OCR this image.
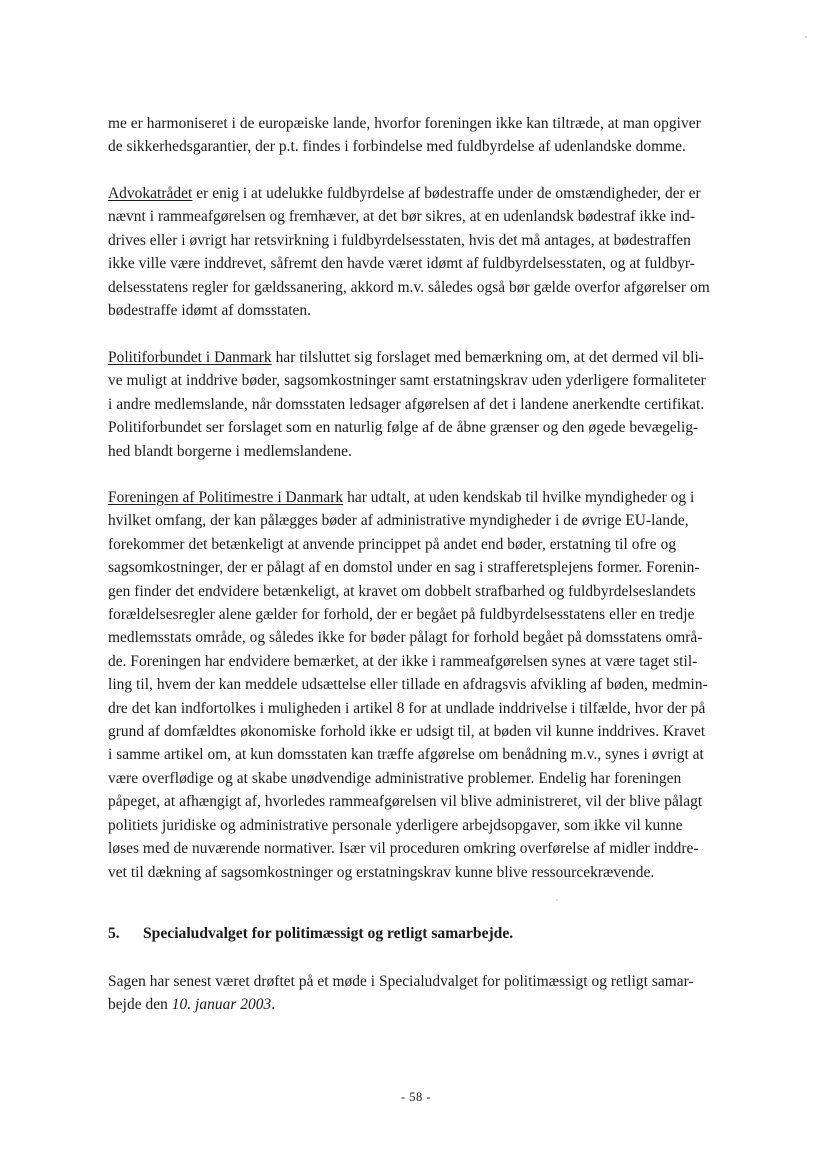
me er harmoniseret i de europæiske lande, hvorfor foreningen ikke kan tiltræde, at man opgiver
de sikkerhedsgarantier, der p.t. findes i forbindelse med fuldbyrdelse af udenlandske domme.
Advokatrådet er enig i at udelukke fuldbyrdelse af bødestraffe under de omstændigheder, der er
nævnt i rammeafgørelsen og fremhæver, at det bør sikres, at en udenlandsk bødestraf ikke ind-
drives eller i øvrigt har retsvirkning i fuldbyrdelsesstaten, hvis det må antages, at bødestraffen
ikke ville være inddrevet, såfremt den havde været idømt af fuldbyrdelsesstaten, og at fuldbyr-
delsesstatens regler for gældssanering, akkord m.v. således også bør gælde overfor afgørelser om
bødestraffe idømt af domsstaten.
Politiforbundet i Danmark har tilsluttet sig forslaget med bemærkning om, at det dermed vil bli-
ve muligt at inddrive bøder, sagsomkostninger samt erstatningskrav uden yderligere formaliteter
i andre medlemslande, når domsstaten ledsager afgørelsen af det i landene anerkendte certifikat.
Politiforbundet ser forslaget som en naturlig følge af de åbne grænser og den øgede bevægelig-
hed blandt borgerne i medlemslandene.
Foreningen af Politimestre i Danmark har udtalt, at uden kendskab til hvilke myndigheder og i
hvilket omfang, der kan pålægges bøder af administrative myndigheder i de øvrige EU-lande,
forekommer det betænkeligt at anvende princippet på andet end bøder, erstatning til ofre og
sagsomkostninger, der er pålagt af en domstol under en sag i strafferetsplejens former. Forenin-
gen finder det endvidere betænkeligt, at kravet om dobbelt strafbarhed og fuldbyrdelseslandets
forældelsesregler alene gælder for forhold, der er begået på fuldbyrdelsesstatens eller en tredje
medlemsstats område, og således ikke for bøder pålagt for forhold begået på domsstatens områ-
de. Foreningen har endvidere bemærket, at der ikke i rammeafgørelsen synes at være taget stil-
ling til, hvem der kan meddele udsættelse eller tillade en afdragsvis afvikling af bøden, medmin-
dre det kan indfortolkes i muligheden i artikel 8 for at undlade inddrivelse i tilfælde, hvor der på
grund af domfældtes økonomiske forhold ikke er udsigt til, at bøden vil kunne inddrives. Kravet
i samme artikel om, at kun domsstaten kan træffe afgørelse om benådning m.v., synes i øvrigt at
være overflødige og at skabe unødvendige administrative problemer. Endelig har foreningen
påpeget, at afhængigt af, hvorledes rammeafgørelsen vil blive administreret, vil der blive pålagt
politiets juridiske og administrative personale yderligere arbejdsopgaver, som ikke vil kunne
løses med de nuværende normativer. Især vil proceduren omkring overførelse af midler inddre-
vet til dækning af sagsomkostninger og erstatningskrav kunne blive ressourcekrævende.
5. Specialudvalget for politimæssigt og retligt samarbejde.
Sagen har senest været drøftet på et møde i Specialudvalget for politimæssigt og retligt samar-
bejde den 10. januar 2003.
- 58 -
